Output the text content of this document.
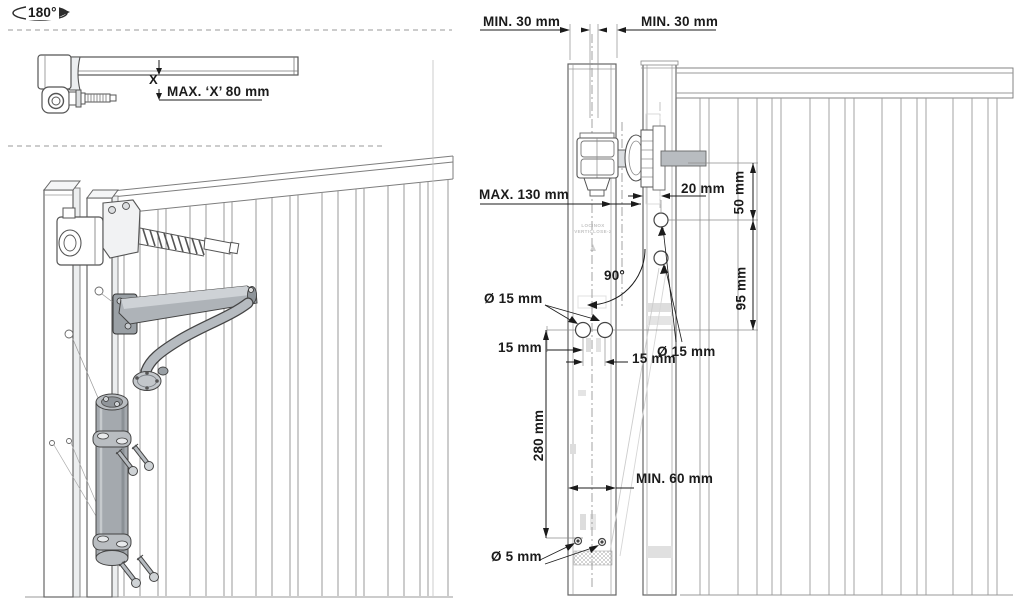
180°
X
MAX. ‘X’ 80 mm
MIN. 30 mm	MIN. 30 mm
MAX. 130 mm	20 mm 50 mm
90°	95 mm
Ø 15 mm
15 mm
15 mm
Ø 15 mm
280 mm
MIN. 60 mm
Ø 5 mm
LOCINOX
VERTICLOSE-2
